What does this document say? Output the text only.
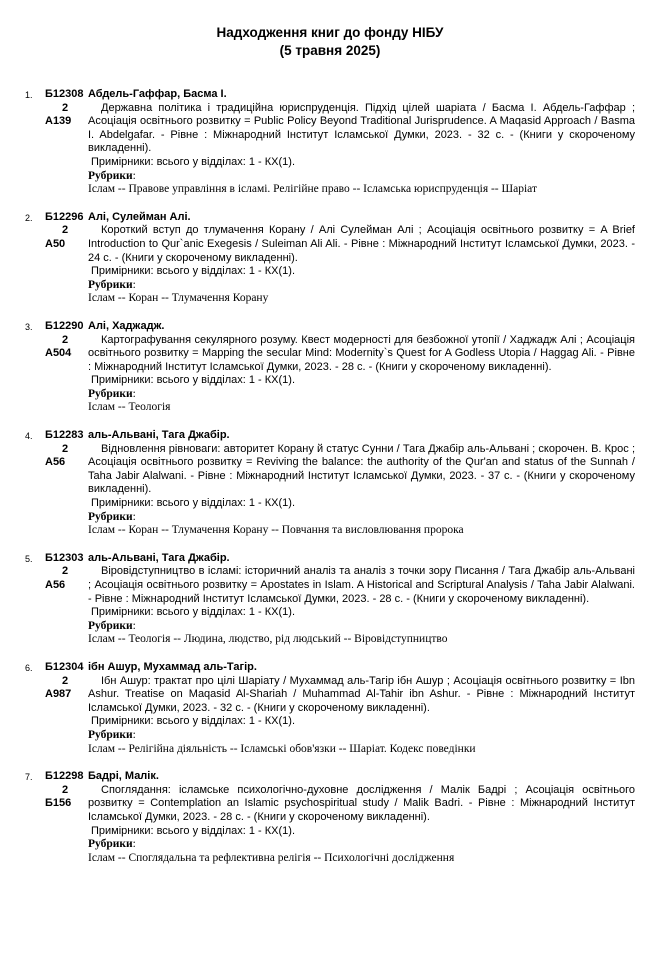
Надходження книг до фонду НІБУ
(5 травня 2025)
1.	Б12308
2
А139
Абдель-Гаффар, Басма І.
Державна політика і традиційна юриспруденція. Підхід цілей шаріата / Басма І. Абдель-Гаффар ; Асоціація освітнього розвитку = Public Policy Beyond Traditional Jurisprudence. A Maqasid Approach / Basma I. Abdelgafar. - Рівне : Міжнародний Інститут Ісламської Думки, 2023. - 32 с. - (Книги у скороченому викладенні).
Примірники: всього у відділах: 1 - КХ(1).
Рубрики:
Іслам -- Правове управління в ісламі. Релігійне право -- Ісламська юриспруденція -- Шаріат
2.	Б12296
2
А50
Алі, Сулейман Алі.
Короткий вступ до тлумачення Корану / Алі Сулейман Алі ; Асоціація освітнього розвитку = A Brief Introduction to Qur`anic Exegesis / Suleiman Ali Ali. - Рівне : Міжнародний Інститут Ісламської Думки, 2023. - 24 с. - (Книги у скороченому викладенні).
Примірники: всього у відділах: 1 - КХ(1).
Рубрики:
Іслам -- Коран -- Тлумачення Корану
3.	Б12290
2
А504
Алі, Хаджадж.
Картографування секулярного розуму. Квест модерності для безбожної утопії / Хаджадж Алі ; Асоціація освітнього розвитку = Mapping the secular Mind: Modernity`s Quest for A Godless Utopia / Haggag Ali. - Рівне : Міжнародний Інститут Ісламської Думки, 2023. - 28 с. - (Книги у скороченому викладенні).
Примірники: всього у відділах: 1 - КХ(1).
Рубрики:
Іслам -- Теологія
4.	Б12283
2
А56
аль-Альвані, Тага Джабір.
Відновлення рівноваги: авторитет Корану й статус Сунни / Тага Джабір аль-Альвані ; скорочен. В. Крос ; Асоціація освітнього розвитку = Reviving the balance: the authority of the Qur'an and status of the Sunnah / Taha Jabir Alalwani. - Рівне : Міжнародний Інститут Ісламської Думки, 2023. - 37 с. - (Книги у скороченому викладенні).
Примірники: всього у відділах: 1 - КХ(1).
Рубрики:
Іслам -- Коран -- Тлумачення Корану -- Повчання та висловлювання пророка
5.	Б12303
2
А56
аль-Альвані, Тага Джабір.
Віровідступництво в ісламі: історичний аналіз та аналіз з точки зору Писання / Тага Джабір аль-Альвані ; Асоціація освітнього розвитку = Apostates in Islam. A Historical and Scriptural Analysis / Taha Jabir Alalwani. - Рівне : Міжнародний Інститут Ісламської Думки, 2023. - 28 с. - (Книги у скороченому викладенні).
Примірники: всього у відділах: 1 - КХ(1).
Рубрики:
Іслам -- Теологія -- Людина, людство, рід людський -- Віровідступництво
6.	Б12304
2
А987
ібн Ашур, Мухаммад аль-Тагір.
Ібн Ашур: трактат про цілі Шаріату / Мухаммад аль-Тагір ібн Ашур ; Асоціація освітнього розвитку = Ibn Ashur. Treatise on Maqasid Al-Shariah / Muhammad Al-Tahir ibn Ashur. - Рівне : Міжнародний Інститут Ісламської Думки, 2023. - 32 с. - (Книги у скороченому викладенні).
Примірники: всього у відділах: 1 - КХ(1).
Рубрики:
Іслам -- Релігійна діяльність -- Ісламські обов'язки -- Шаріат. Кодекс поведінки
7.	Б12298
2
Б156
Бадрі, Малік.
Споглядання: ісламське психологічно-духовне дослідження / Малік Бадрі ; Асоціація освітнього розвитку = Contemplation an Islamic psychospiritual study / Malik Badri. - Рівне : Міжнародний Інститут Ісламської Думки, 2023. - 28 с. - (Книги у скороченому викладенні).
Примірники: всього у відділах: 1 - КХ(1).
Рубрики:
Іслам -- Споглядальна та рефлективна релігія -- Психологічні дослідження
